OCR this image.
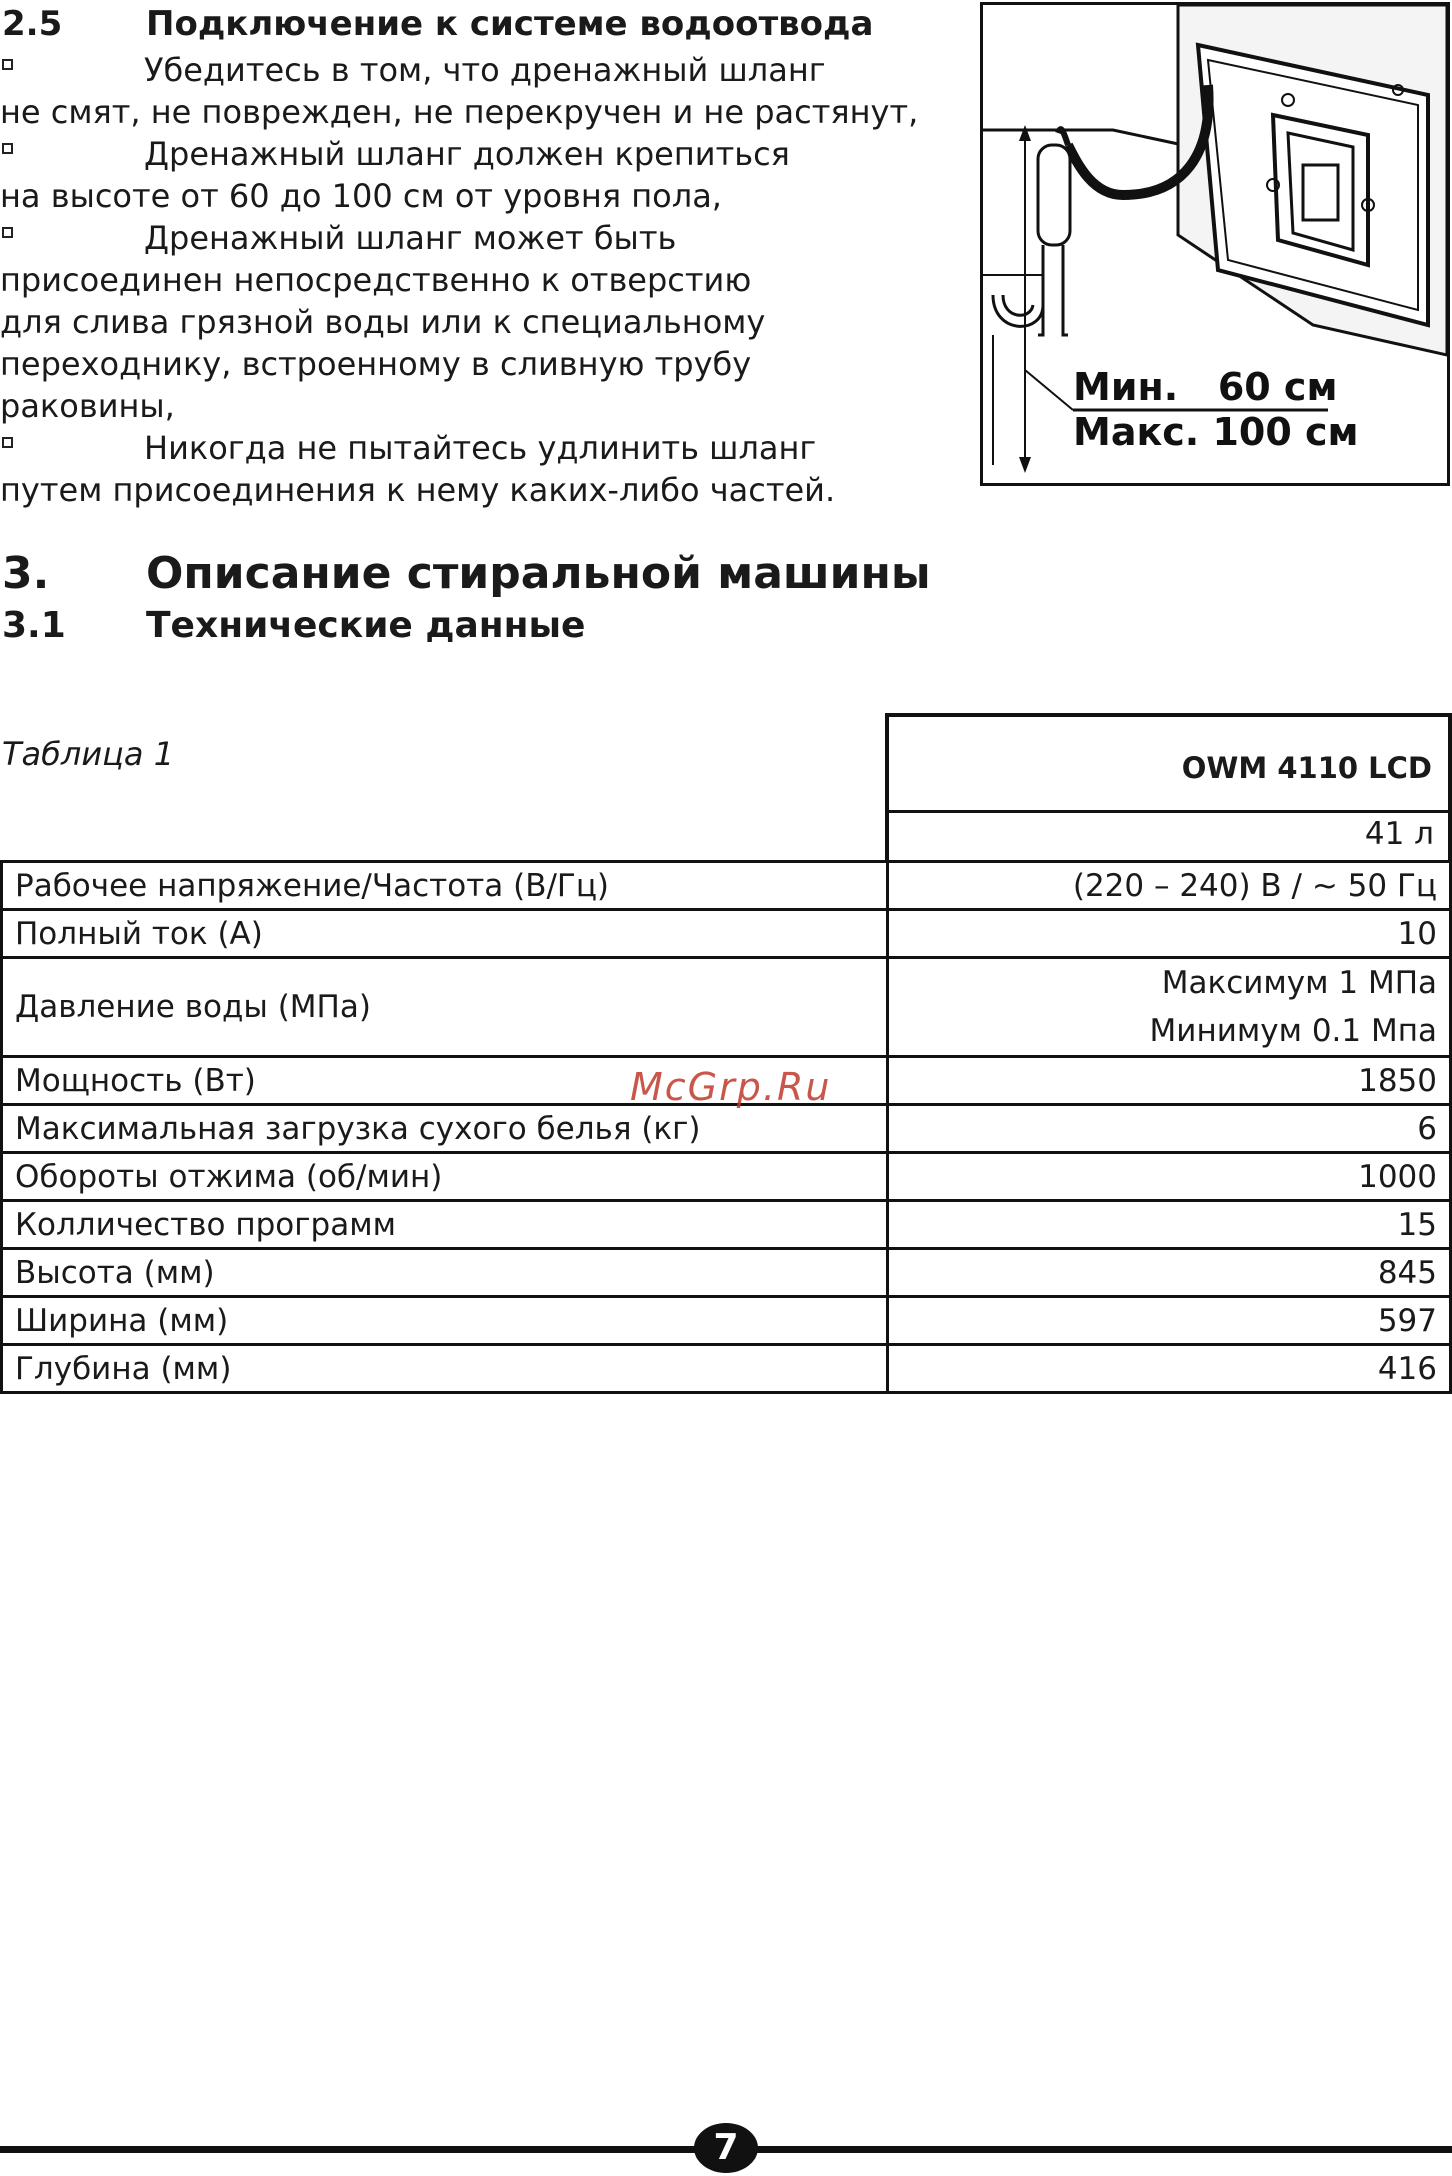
2.5 Подключение к системе водоотвода
Убедитесь в том, что дренажный шланг
не смят, не поврежден, не перекручен и не растянут,
Дренажный шланг должен крепиться
на высоте от 60 до 100 см от уровня пола,
Дренажный шланг может быть
присоединен непосредственно к отверстию
для слива грязной воды или к специальному
переходнику, встроенному в сливную трубу
раковины,
Никогда не пытайтесь удлинить шланг
путем присоединения к нему каких-либо частей.
Мин.   60 см
Макс. 100 см
3. Описание стиральной машины
3.1 Технические данные
Таблица 1	OWM 4110 LCD
41 л
Рабочее напряжение/Частота (В/Гц)	(220 – 240) В / ~ 50 Гц
Полный ток (А)	10
Давление воды (МПа)	Максимум 1 МПа
Минимум 0.1 Мпа

Мощность (Вт)	1850
Максимальная загрузка сухого белья (кг)	6
Обороты отжима (об/мин)	1000
Колличество программ	15
Высота (мм)	845
Ширина (мм)	597
Глубина (мм)	416
McGrp.Ru
7
